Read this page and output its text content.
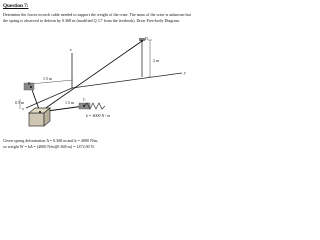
Question 7:
Determine the forces in each cable needed to support the weight of the crate. The mass of the crate is unknown but the spring is observed to deform by 0.368 m (modified Q 3.7 from the textbook). Draw Free-body Diagram.
D
z
y
x
2 m
1.5 m
0.5 m
B
C
1.5 m
k = 4000 N / m
Given spring deformation Δ = 0.368 m and k = 4000 N/m,
so weight W = kΔ = (4000 N/m)(0.368 m) = 1472.00 N.
